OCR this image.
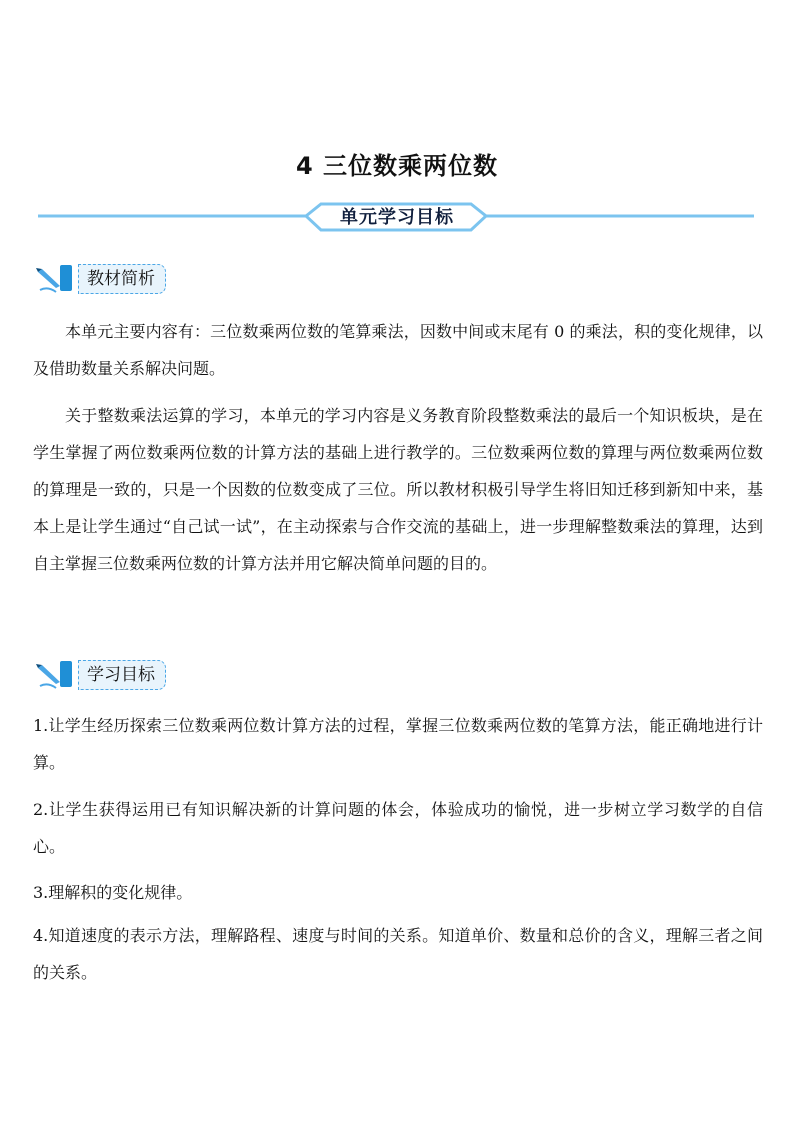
4 三位数乘两位数
单元学习目标
教材简析

本单元主要内容有：三位数乘两位数的笔算乘法，因数中间或末尾有 0 的乘法，积的变化规律，以及借助数量关系解决问题。

关于整数乘法运算的学习，本单元的学习内容是义务教育阶段整数乘法的最后一个知识板块，是在学生掌握了两位数乘两位数的计算方法的基础上进行教学的。三位数乘两位数的算理与两位数乘两位数的算理是一致的，只是一个因数的位数变成了三位。所以教材积极引导学生将旧知迁移到新知中来，基本上是让学生通过“自己试一试”，在主动探索与合作交流的基础上，进一步理解整数乘法的算理，达到自主掌握三位数乘两位数的计算方法并用它解决简单问题的目的。

学习目标

1.让学生经历探索三位数乘两位数计算方法的过程，掌握三位数乘两位数的笔算方法，能正确地进行计算。

2.让学生获得运用已有知识解决新的计算问题的体会，体验成功的愉悦，进一步树立学习数学的自信心。

3.理解积的变化规律。

4.知道速度的表示方法，理解路程、速度与时间的关系。知道单价、数量和总价的含义，理解三者之间的关系。
